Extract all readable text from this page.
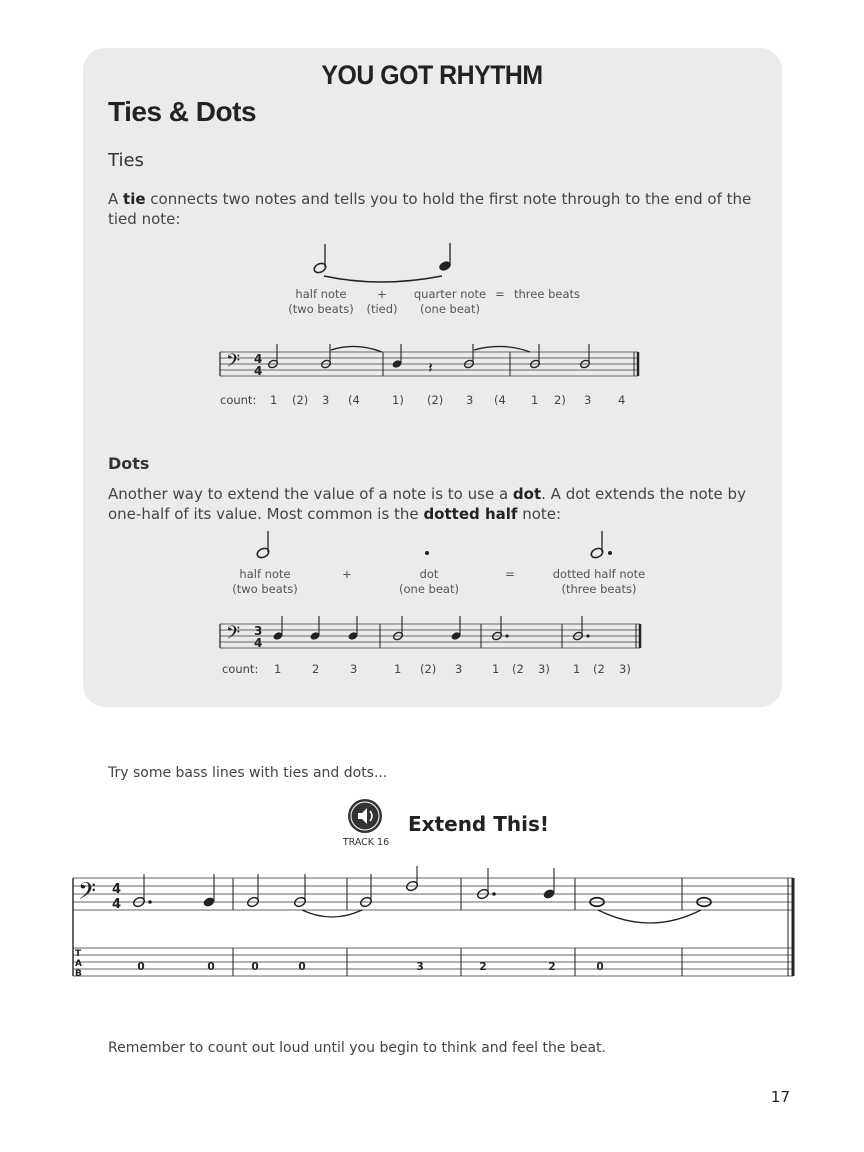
YOU GOT RHYTHM
Ties & Dots
Ties
A tie connects two notes and tells you to hold the first note through to the end of the tied note:
half note
(two beats)
+
(tied)
quarter note
(one beat)
= three beats
𝄢 4
4	𝄽
count: 1 (2) 3 (4	1) (2) 3 (4 1 2) 3 4
Dots
Another way to extend the value of a note is to use a dot. A dot extends the note by one-half of its value. Most common is the dotted half note:
half note
(two beats)
+	dot
(one beat)
=	dotted half note
(three beats)
𝄢 3
4
count: 1	2	3	1 (2) 3	1 (2 3) 1 (2 3)
Try some bass lines with ties and dots...
TRACK 16
Extend This!
𝄢 4
4
T
A
B
0	0	0	0	3	2	2	0
Remember to count out loud until you begin to think and feel the beat.
17
